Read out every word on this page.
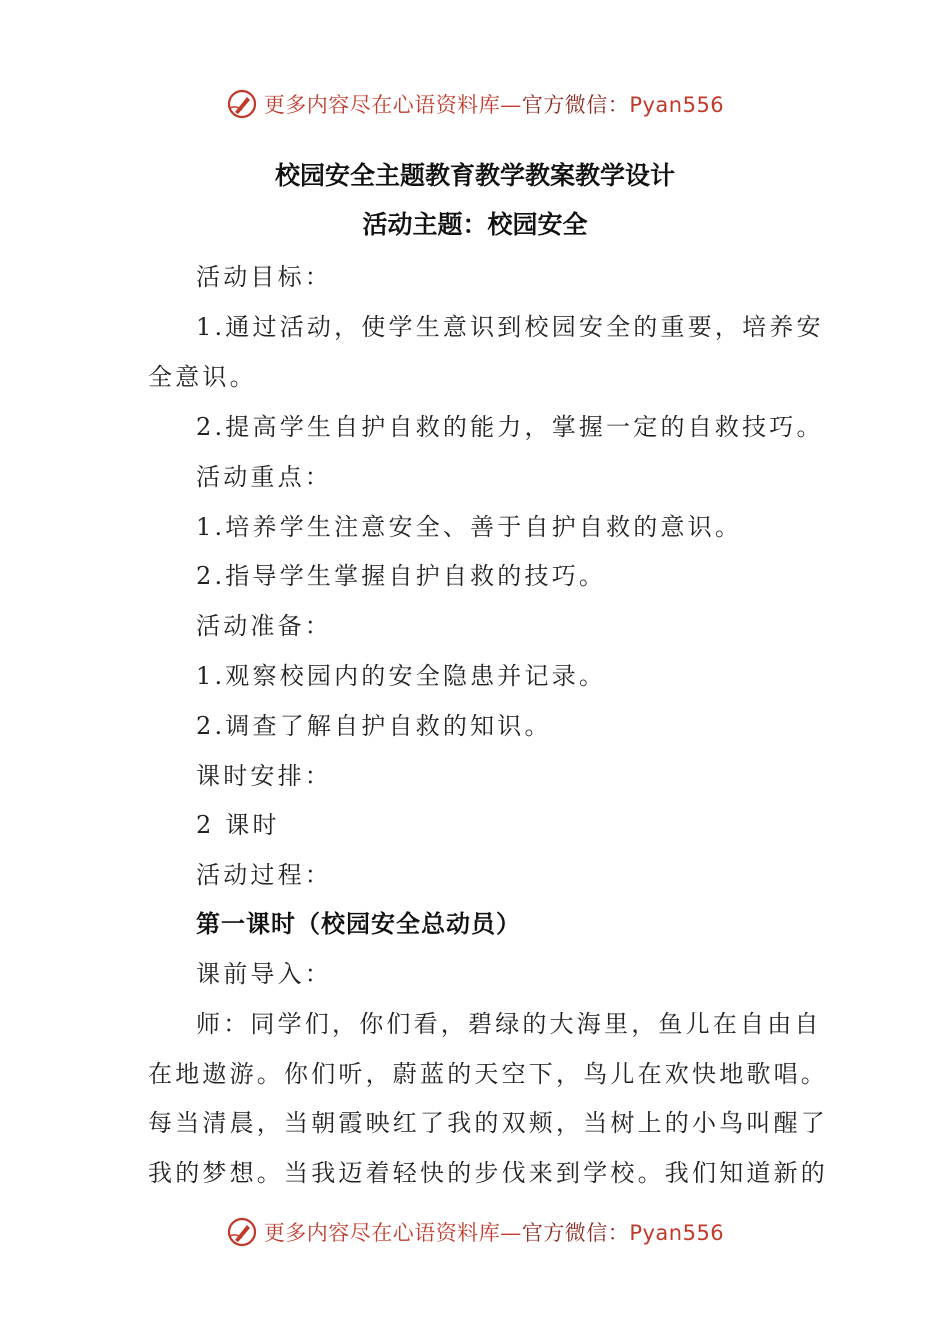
更多内容尽在心语资料库—官方微信：Pyan556
校园安全主题教育教学教案教学设计
活动主题：校园安全
活动目标：
1.通过活动，使学生意识到校园安全的重要，培养安
全意识。
2.提高学生自护自救的能力，掌握一定的自救技巧。
活动重点：
1.培养学生注意安全、善于自护自救的意识。
2.指导学生掌握自护自救的技巧。
活动准备：
1.观察校园内的安全隐患并记录。
2.调查了解自护自救的知识。
课时安排：
2 课时
活动过程：
第一课时（校园安全总动员）
课前导入：
师：同学们，你们看，碧绿的大海里，鱼儿在自由自
在地遨游。你们听，蔚蓝的天空下，鸟儿在欢快地歌唱。
每当清晨，当朝霞映红了我的双颊，当树上的小鸟叫醒了
我的梦想。当我迈着轻快的步伐来到学校。我们知道新的
更多内容尽在心语资料库—官方微信：Pyan556
